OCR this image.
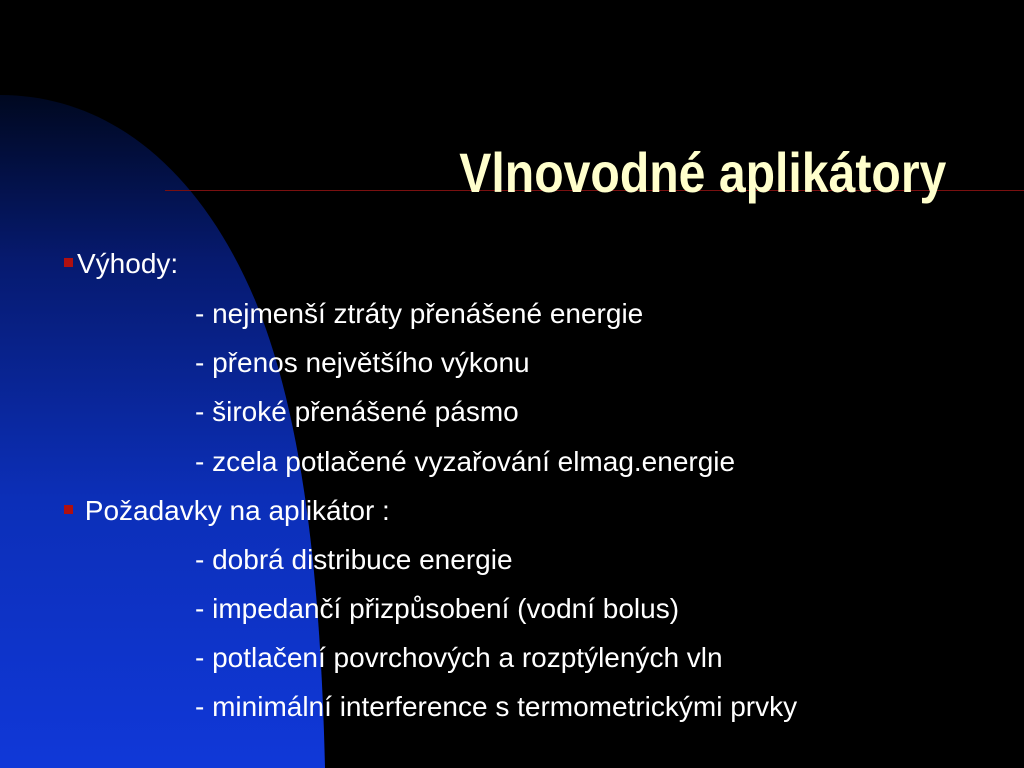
Vlnovodné aplikátory
Výhody:
- nejmenší ztráty přenášené energie
- přenos největšího výkonu
- široké přenášené pásmo
- zcela potlačené vyzařování elmag.energie
Požadavky na aplikátor :
- dobrá distribuce energie
- impedančí přizpůsobení (vodní bolus)
- potlačení povrchových a rozptýlených vln
- minimální interference s termometrickými prvky
